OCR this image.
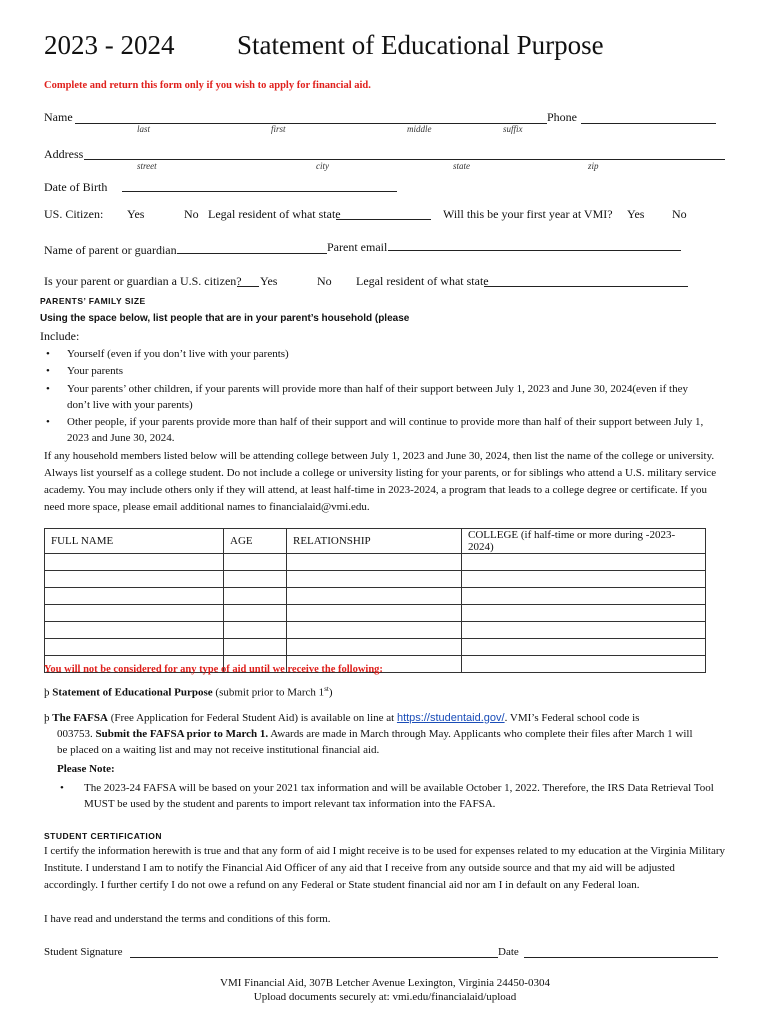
2023 - 2024 Statement of Educational Purpose
Complete and return this form only if you wish to apply for financial aid.
Name
last	first	middle	suffix
Phone
Address
street	city	state	zip
Date of Birth
US. Citizen: Yes	No Legal resident of what state	Will this be your first year at VMI? Yes No
Name of parent or guardian	Parent email
Is your parent or guardian a U.S. citizen? Yes	No Legal resident of what state
PARENTS’ FAMILY SIZE
Using the space below, list people that are in your parent’s household (please
Include:
• Yourself (even if you don’t live with your parents)
• Your parents
• Your parents’ other children, if your parents will provide more than half of their support between July 1, 2023 and June 30, 2024(even if they don’t live with your parents)
• Other people, if your parents provide more than half of their support and will continue to provide more than half of their support between July 1, 2023 and June 30, 2024.
If any household members listed below will be attending college between July 1, 2023 and June 30, 2024, then list the name of the college or university. Always list yourself as a college student. Do not include a college or university listing for your parents, or for siblings who attend a U.S. military service academy. You may include others only if they will attend, at least half-time in 2023-2024, a program that leads to a college degree or certificate. If you need more space, please email additional names to financialaid@vmi.edu.
FULL NAME	AGE	RELATIONSHIP	COLLEGE (if half-time or more during -2023-2024)

You will not be considered for any type of aid until we receive the following:
þ Statement of Educational Purpose (submit prior to March 1st)
þ The FAFSA (Free Application for Federal Student Aid) is available on line at https://studentaid.gov/. VMI’s Federal school code is
003753. Submit the FAFSA prior to March 1. Awards are made in March through May. Applicants who complete their files after March 1 will
be placed on a waiting list and may not receive institutional financial aid.
Please Note:
• The 2023-24 FAFSA will be based on your 2021 tax information and will be available October 1, 2022. Therefore, the IRS Data Retrieval Tool MUST be used by the student and parents to import relevant tax information into the FAFSA.
STUDENT CERTIFICATION
I certify the information herewith is true and that any form of aid I might receive is to be used for expenses related to my education at the Virginia Military Institute. I understand I am to notify the Financial Aid Officer of any aid that I receive from any outside source and that my aid will be adjusted accordingly. I further certify I do not owe a refund on any Federal or State student financial aid nor am I in default on any Federal loan.
I have read and understand the terms and conditions of this form.
Student Signature	Date
VMI Financial Aid, 307B Letcher Avenue Lexington, Virginia 24450-0304
Upload documents securely at: vmi.edu/financialaid/upload
